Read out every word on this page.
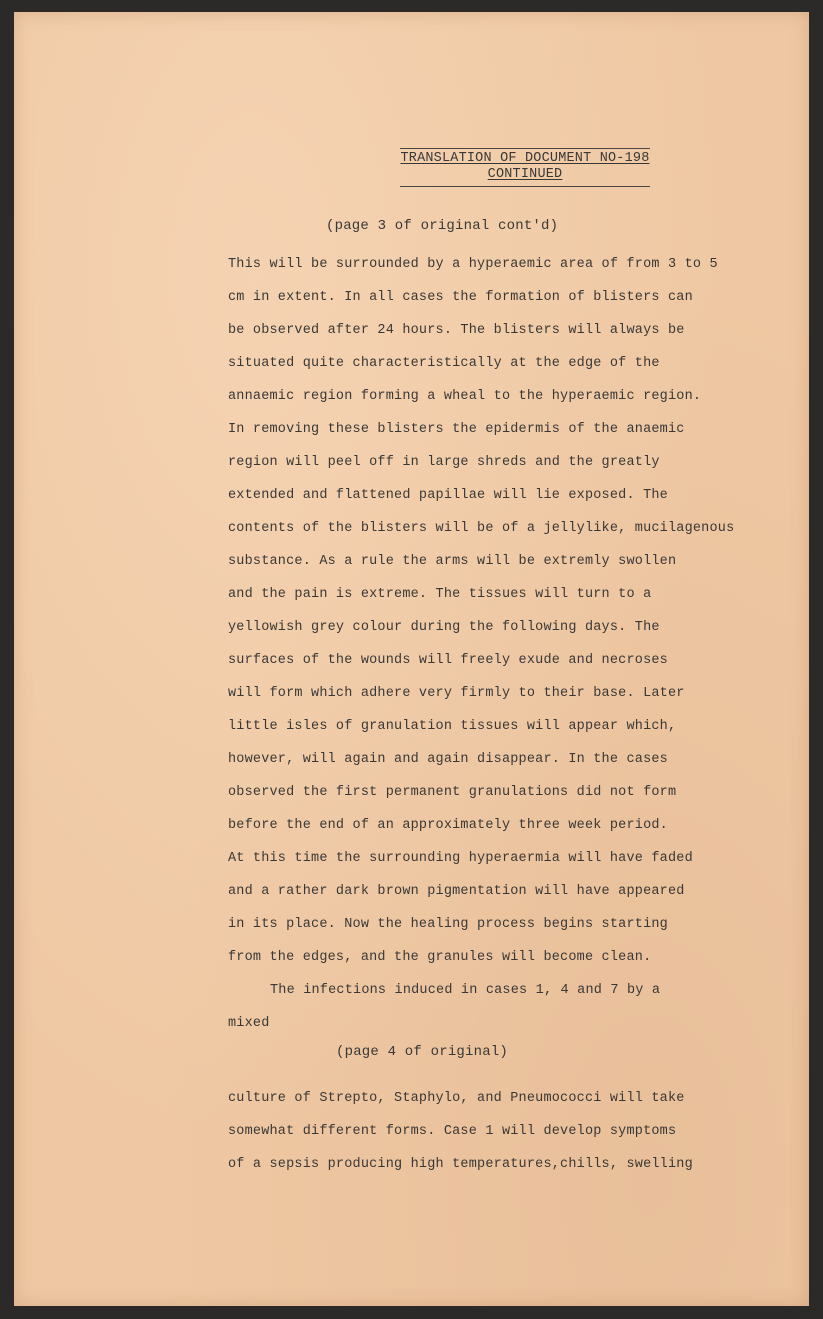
TRANSLATION OF DOCUMENT NO-198
CONTINUED
(page 3 of original cont'd)
This will be surrounded by a hyperaemic area of from 3 to 5
cm in extent. In all cases the formation of blisters can
be observed after 24 hours. The blisters will always be
situated quite characteristically at the edge of the
annaemic region forming a wheal to the hyperaemic region.
In removing these blisters the epidermis of the anaemic
region will peel off in large shreds and the greatly
extended and flattened papillae will lie exposed. The
contents of the blisters will be of a jellylike, mucilagenous
substance. As a rule the arms will be extremly swollen
and the pain is extreme. The tissues will turn to a
yellowish grey colour during the following days. The
surfaces of the wounds will freely exude and necroses
will form which adhere very firmly to their base. Later
little isles of granulation tissues will appear which,
however, will again and again disappear. In the cases
observed the first permanent granulations did not form
before the end of an approximately three week period.
At this time the surrounding hyperaermia will have faded
and a rather dark brown pigmentation will have appeared
in its place. Now the healing process begins starting
from the edges, and the granules will become clean.
The infections induced in cases 1, 4 and 7 by a
mixed
(page 4 of original)
culture of Strepto, Staphylo, and Pneumococci will take
somewhat different forms. Case 1 will develop symptoms
of a sepsis producing high temperatures,chills, swelling
